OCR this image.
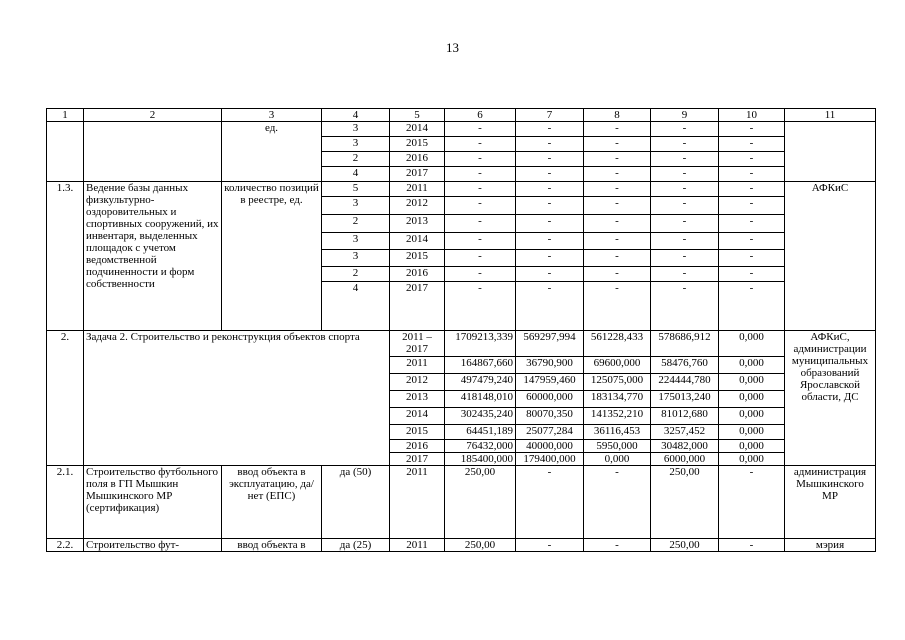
13
1	2	3	4	5	6	7	8	9	10	11
		ед.	3	2014	-	-	-	-	-	
			3	2015	-	-	-	-	-	
			2	2016	-	-	-	-	-	
			4	2017	-	-	-	-	-	
1.3.	Ведение базы данных физкультурно-оздоровительных и спортивных сооружений, их инвентаря, выделенных площадок с учетом ведомственной подчиненности и форм собственности	количество позиций в реестре, ед.	5	2011	-	-	-	-	-	АФКиС
			3	2012	-	-	-	-	-	
			2	2013	-	-	-	-	-	
			3	2014	-	-	-	-	-	
			3	2015	-	-	-	-	-	
			2	2016	-	-	-	-	-	
			4	2017	-	-	-	-	-	
2.	Задача 2. Строительство и реконструкция объектов спорта			2011 – 2017	1709213,339	569297,994	561228,433	578686,912	0,000	АФКиС, администрации муниципальных образований Ярославской области, ДС
				2011	164867,660	36790,900	69600,000	58476,760	0,000	
				2012	497479,240	147959,460	125075,000	224444,780	0,000	
				2013	418148,010	60000,000	183134,770	175013,240	0,000	
				2014	302435,240	80070,350	141352,210	81012,680	0,000	
				2015	64451,189	25077,284	36116,453	3257,452	0,000	
				2016	76432,000	40000,000	5950,000	30482,000	0,000	
				2017	185400,000	179400,000	0,000	6000,000	0,000	
2.1.	Строительство футбольного поля в ГП Мышкин Мышкинского МР (сертификация)	ввод объекта в эксплуатацию, да/ нет (ЕПС)	да (50)	2011	250,00	-	-	250,00	-	администрация Мышкинского МР
2.2.	Строительство фут-	ввод объекта в	да (25)	2011	250,00	-	-	250,00	-	мэрия
